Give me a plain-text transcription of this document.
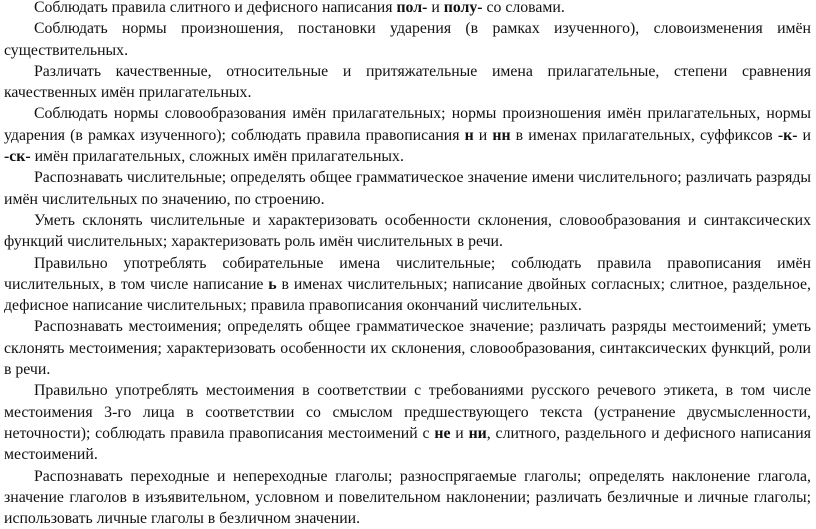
Соблюдать правила слитного и дефисного написания пол- и полу- со словами.

Соблюдать нормы произношения, постановки ударения (в рамках изученного), словоизменения имён существительных.

Различать качественные, относительные и притяжательные имена прилагательные, степени сравнения качественных имён прилагательных.

Соблюдать нормы словообразования имён прилагательных; нормы произношения имён прилагательных, нормы ударения (в рамках изученного); соблюдать правила правописания н и нн в именах прилагательных, суффиксов -к- и -ск- имён прилагательных, сложных имён прилагательных.

Распознавать числительные; определять общее грамматическое значение имени числительного; различать разряды имён числительных по значению, по строению.

Уметь склонять числительные и характеризовать особенности склонения, словообразования и синтаксических функций числительных; характеризовать роль имён числительных в речи.

Правильно употреблять собирательные имена числительные; соблюдать правила правописания имён числительных, в том числе написание ь в именах числительных; написание двойных согласных; слитное, раздельное, дефисное написание числительных; правила правописания окончаний числительных.

Распознавать местоимения; определять общее грамматическое значение; различать разряды местоимений; уметь склонять местоимения; характеризовать особенности их склонения, словообразования, синтаксических функций, роли в речи.

Правильно употреблять местоимения в соответствии с требованиями русского речевого этикета, в том числе местоимения 3-го лица в соответствии со смыслом предшествующего текста (устранение двусмысленности, неточности); соблюдать правила правописания местоимений с не и ни, слитного, раздельного и дефисного написания местоимений.

Распознавать переходные и непереходные глаголы; разноспрягаемые глаголы; определять наклонение глагола, значение глаголов в изъявительном, условном и повелительном наклонении; различать безличные и личные глаголы; использовать личные глаголы в безличном значении.
